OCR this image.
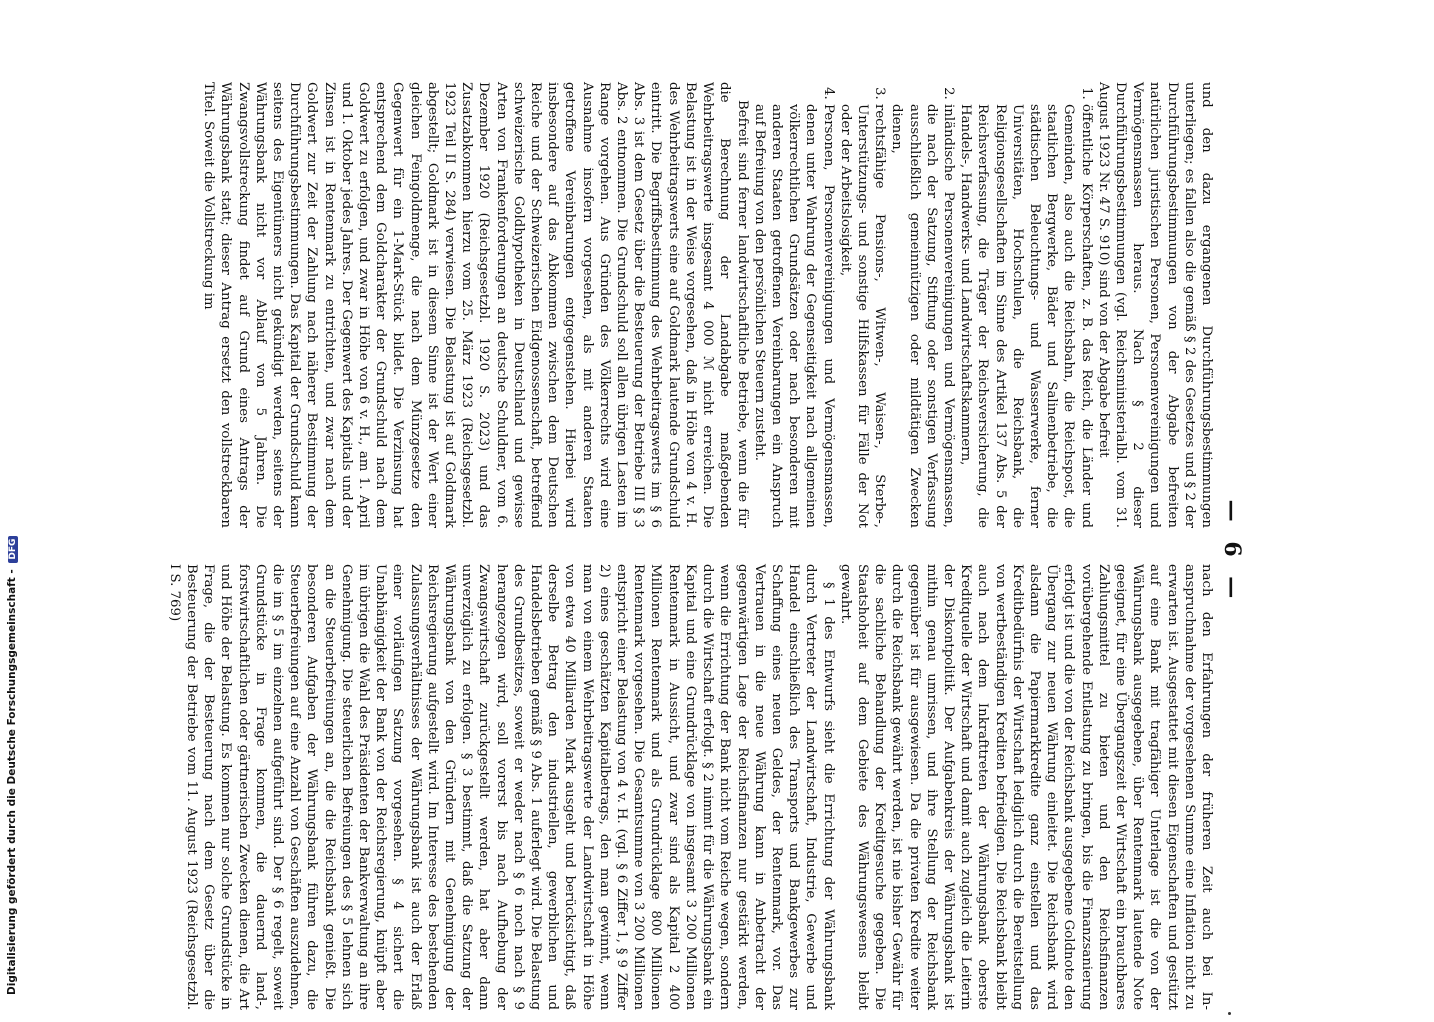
Digitalisierung gefördert durch die Deutsche Forschungsgemeinschaft - DFG	— 6 —

und den dazu ergangenen Durchführungsbestimmungen unterliegen; es fallen also die gemäß § 2 des Gesetzes und § 2 der Durchführungsbestimmungen von der Abgabe befreiten natürlichen juristischen Personen, Personenvereinigungen und Vermögensmassen heraus. Nach § 2 dieser Durchführungsbestimmungen (vgl. Reichsministerialbl. vom 31. August 1923 Nr. 47 S. 910) sind von der Abgabe befreit

1. öffentliche Körperschaften, z. B. das Reich, die Länder und Gemeinden, also auch die Reichsbahn, die Reichspost, die staatlichen Bergwerke, Bäder und Salinenbetriebe, die städtischen Beleuchtungs- und Wasserwerke, ferner Universitäten, Hochschulen, die Reichsbank, die Religionsgesellschaften im Sinne des Artikel 137 Abs. 5 der Reichsverfassung, die Träger der Reichsversicherung, die Handels-, Handwerks- und Landwirtschaftskammern,
2. inländische Personenvereinigungen und Vermögensmassen, die nach der Satzung, Stiftung oder sonstigen Verfassung ausschließlich gemeinnützigen oder mildtätigen Zwecken dienen,
3. rechtsfähige Pensions-, Witwen-, Waisen-, Sterbe-, Unterstützungs- und sonstige Hilfskassen für Fälle der Not oder der Arbeitslosigkeit,
4. Personen, Personenvereinigungen und Vermögensmassen, denen unter Wahrung der Gegenseitigkeit nach allgemeinen völkerrechtlichen Grundsätzen oder nach besonderen mit anderen Staaten getroffenen Vereinbarungen ein Anspruch auf Befreiung von den persönlichen Steuern zusteht.

Befreit sind ferner landwirtschaftliche Betriebe, wenn die für die Berechnung der Landabgabe maßgebenden Wehrbeitragswerte insgesamt 4 000 ℳ nicht erreichen. Die Belastung ist in der Weise vorgesehen, daß in Höhe von 4 v. H. des Wehrbeitragswerts eine auf Goldmark lautende Grundschuld eintritt. Die Begriffsbestimmung des Wehrbeitragswerts im § 6 Abs. 3 ist dem Gesetz über die Besteuerung der Betriebe III § 3 Abs. 2 entnommen. Die Grundschuld soll allen übrigen Lasten im Range vorgehen. Aus Gründen des Völkerrechts wird eine Ausnahme insofern vorgesehen, als mit anderen Staaten getroffene Vereinbarungen entgegenstehen. Hierbei wird insbesondere auf das Abkommen zwischen dem Deutschen Reiche und der Schweizerischen Eidgenossenschaft, betreffend schweizerische Goldhypotheken in Deutschland und gewisse Arten von Frankenforderungen an deutsche Schuldner, vom 6. Dezember 1920 (Reichsgesetzbl. 1920 S. 2023) und das Zusatzabkommen hierzu vom 25. März 1923 (Reichsgesetzbl. 1923 Teil II S. 284) verwiesen. Die Belastung ist auf Goldmark abgestellt; Goldmark ist in diesem Sinne ist der Wert einer gleichen Feingoldmenge, die nach dem Münzgesetze den Gegenwert für ein 1-Mark-Stück bildet. Die Verzinsung hat entsprechend dem Goldcharakter der Grundschuld nach dem Goldwert zu erfolgen, und zwar in Höhe von 6 v. H., am 1. April und 1. Oktober jedes Jahres. Der Gegenwert des Kapitals und der Zinsen ist in Rentenmark zu entrichten, und zwar nach dem Goldwert zur Zeit der Zahlung nach näherer Bestimmung der Durchführungsbestimmungen. Das Kapital der Grundschuld kann seitens des Eigentümers nicht gekündigt werden, seitens der Währungsbank nicht vor Ablauf von 5 Jahren. Die Zwangsvollstreckung findet auf Grund eines Antrags der Währungsbank statt; dieser Antrag ersetzt den vollstreckbaren Titel. Soweit die Vollstreckung im

nach den Erfahrungen der früheren Zeit auch bei In-anspruchnahme der vorgesehenen Summe eine Inflation nicht zu erwarten ist. Ausgestattet mit diesen Eigenschaften und gestützt auf eine Bank mit tragfähiger Unterlage ist die von der Währungsbank ausgegebene, über Rentenmark lautende Note geeignet, für eine Übergangszeit der Wirtschaft ein brauchbares Zahlungsmittel zu bieten und den Reichsfinanzen vorübergehende Entlastung zu bringen, bis die Finanzsanierung erfolgt ist und die von der Reichsbank ausgegebene Goldnote den Übergang zur neuen Währung einleitet. Die Reichsbank wird alsdann die Papiermarkkredite ganz einstellen und das Kreditbedürfnis der Wirtschaft lediglich durch die Bereitstellung von wertbeständigen Krediten befriedigen. Die Reichsbank bleibt auch nach dem Inkrafttreten der Währungsbank oberste Kreditquelle der Wirtschaft und damit auch zugleich die Leiterin der Diskontpolitik. Der Aufgabenkreis der Währungsbank ist mithin genau umrissen, und ihre Stellung der Reichsbank gegenüber ist für ausgewiesen. Da die privaten Kredite weiter durch die Reichsbank gewährt werden, ist nie bisher Gewähr für die sachliche Behandlung der Kreditgesuche gegeben. Die Staatshoheit auf dem Gebiete des Währungswesens bleibt gewahrt.

§ 1 des Entwurfs sieht die Errichtung der Währungsbank durch Vertreter der Landwirtschaft, Industrie, Gewerbe und Handel einschließlich des Transports und Bankgewerbes zur Schaffung eines neuen Geldes, der Rentenmark, vor. Das Vertrauen in die neue Währung kann in Anbetracht der gegenwärtigen Lage der Reichsfinanzen nur gestärkt werden, wenn die Errichtung der Bank nicht vom Reiche wegen, sondern durch die Wirtschaft erfolgt. § 2 nimmt für die Währungsbank ein Kapital und eine Grundrücklage von insgesamt 3 200 Millionen Rentenmark in Aussicht, und zwar sind als Kapital 2 400 Millionen Rentenmark und als Grundrücklage 800 Millionen Rentenmark vorgesehen. Die Gesamtsumme von 3 200 Millionen entspricht einer Belastung von 4 v. H. (vgl. § 6 Ziffer 1, § 9 Ziffer 2) eines geschätzten Kapitalbetrags, den man gewinnt, wenn man von einem Wehrbeitragswerte der Landwirtschaft in Höhe von etwa 40 Milliarden Mark ausgeht und berücksichtigt, daß derselbe Betrag den industriellen, gewerblichen und Handelsbetrieben gemäß § 9 Abs. 1 auferlegt wird. Die Belastung des Grundbesitzes, soweit er weder nach § 6 noch nach § 9 herangezogen wird, soll vorerst bis nach Aufhebung der Zwangswirtschaft zurückgestellt werden, hat aber dann unverzüglich zu erfolgen. § 3 bestimmt, daß die Satzung der Währungsbank von den Gründern mit Genehmigung der Reichsregierung aufgestellt wird. Im Interesse des bestehenden Zulassungsverhältnisses der Währungsbank ist auch der Erlaß einer vorläufigen Satzung vorgesehen. § 4 sichert die Unabhängigkeit der Bank von der Reichsregierung, knüpft aber im übrigen die Wahl des Präsidenten der Bankverwaltung an ihre Genehmigung. Die steuerlichen Befreiungen des § 5 lehnen sich an die Steuerbefreiungen an, die die Reichsbank genießt. Die besonderen Aufgaben der Währungsbank führen dazu, die Steuerbefreiungen auf eine Anzahl von Geschäften auszudehnen, die im § 5 im einzelnen aufgeführt sind. Der § 6 regelt, soweit Grundstücke in Frage kommen, die dauernd land-, forstwirtschaftlichen oder gärtnerischen Zwecken dienen, die Art und Höhe der Belastung. Es kommen nur solche Grundstücke in Frage, die der Besteuerung nach dem Gesetz über die Besteuerung der Betriebe vom 11. August 1923 (Reichsgesetzbl. I S. 769)
